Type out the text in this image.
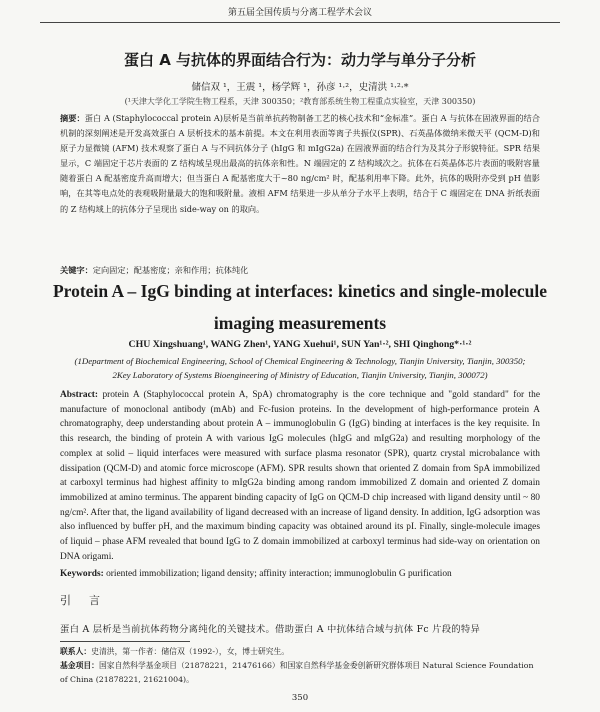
第五届全国传质与分离工程学术会议
蛋白 A 与抗体的界面结合行为：动力学与单分子分析
储信双 ¹，王震 ¹，杨学辉 ¹，孙彦 ¹·²，史清洪 ¹·²·*
(¹天津大学化工学院生物工程系，天津 300350；²教育部系统生物工程重点实验室，天津 300350)
摘要：蛋白 A (Staphylococcal protein A)层析是当前单抗药物制备工艺的核心技术和“金标准”。蛋白 A 与抗体在固液界面的结合机制的深刻阐述是开发高效蛋白 A 层析技术的基本前提。本文在利用表面等离子共振仪(SPR)、石英晶体微纳米微天平 (QCM-D)和原子力显微镜 (AFM) 技术观察了蛋白 A 与不同抗体分子 (hIgG 和 mIgG2a) 在固液界面的结合行为及其分子形貌特征。SPR 结果显示，C 端固定于芯片表面的 Z 结构域呈现出最高的抗体亲和性。N 端固定的 Z 结构域次之。抗体在石英晶体芯片表面的吸附容量随着蛋白 A 配基密度升高而增大；但当蛋白 A 配基密度大于~80 ng/cm² 时，配基利用率下降。此外，抗体的吸附亦受到 pH 值影响，在其等电点处的表观吸附量最大的饱和吸附量。液相 AFM 结果进一步从单分子水平上表明，结合于 C 端固定在 DNA 折纸表面的 Z 结构域上的抗体分子呈现出 side-way on 的取向。
关键字：定向固定；配基密度；亲和作用；抗体纯化
Protein A – IgG binding at interfaces: kinetics and single-molecule
imaging measurements
CHU Xingshuang¹, WANG Zhen¹, YANG Xuehui¹, SUN Yan¹·², SHI Qinghong*·¹·²
(1Department of Biochemical Engineering, School of Chemical Engineering & Technology, Tianjin University, Tianjin, 300350; 2Key Laboratory of Systems Bioengineering of Ministry of Education, Tianjin University, Tianjin, 300072)
Abstract: protein A (Staphylococcal protein A, SpA) chromatography is the core technique and "gold standard" for the manufacture of monoclonal antibody (mAb) and Fc-fusion proteins. In the development of high-performance protein A chromatography, deep understanding about protein A – immunoglobulin G (IgG) binding at interfaces is the key requisite. In this research, the binding of protein A with various IgG molecules (hIgG and mIgG2a) and resulting morphology of the complex at solid – liquid interfaces were measured with surface plasma resonator (SPR), quartz crystal microbalance with dissipation (QCM-D) and atomic force microscope (AFM). SPR results shown that oriented Z domain from SpA immobilized at carboxyl terminus had highest affinity to mIgG2a binding among random immobilized Z domain and oriented Z domain immobilized at amino terminus. The apparent binding capacity of IgG on QCM-D chip increased with ligand density until ~ 80 ng/cm². After that, the ligand availability of ligand decreased with an increase of ligand density. In addition, IgG adsorption was also influenced by buffer pH, and the maximum binding capacity was obtained around its pI. Finally, single-molecule images of liquid – phase AFM revealed that bound IgG to Z domain immobilized at carboxyl terminus had side-way on orientation on DNA origami.
Keywords: oriented immobilization; ligand density; affinity interaction; immunoglobulin G purification
引言
蛋白 A 层析是当前抗体药物分离纯化的关键技术。借助蛋白 A 中抗体结合域与抗体 Fc 片段的特异
联系人：史清洪，第一作者：储信双（1992-），女，博士研究生。
基金项目：国家自然科学基金项目（21878221，21476166）和国家自然科学基金委创新研究群体项目 Natural Science Foundation of China (21878221, 21621004)。
350
